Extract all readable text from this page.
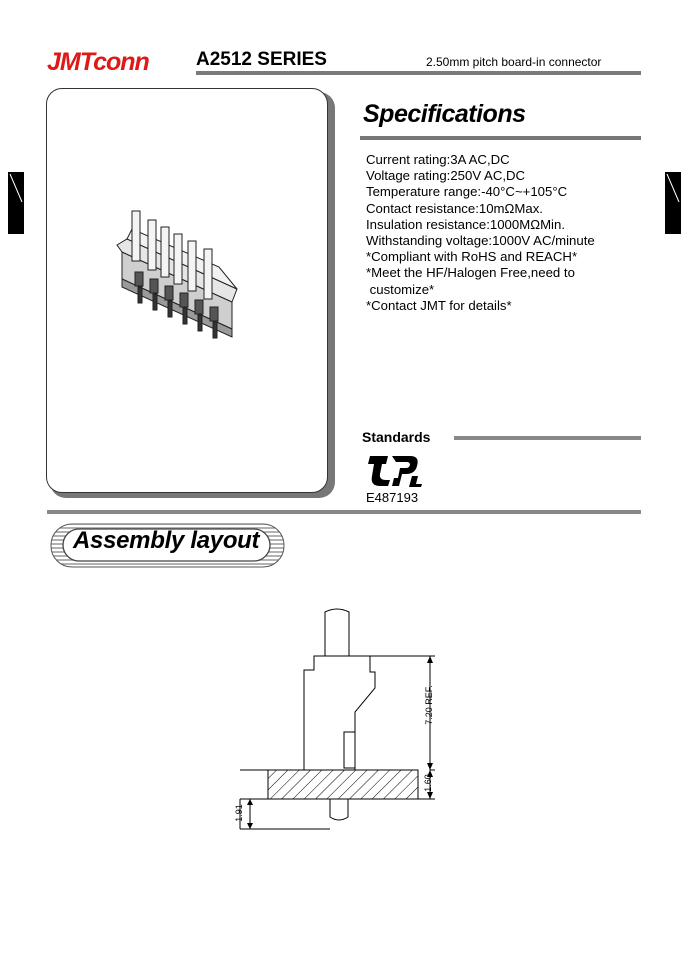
JMTconn A2512 SERIES	2.50mm pitch board-in connector
Specifications
Current rating:3A AC,DC
Voltage rating:250V AC,DC
Temperature range:-40°C~+105°C
Contact resistance:10mΩMax.
Insulation resistance:1000MΩMin.
Withstanding voltage:1000V AC/minute
*Compliant with RoHS and REACH*
*Meet the HF/Halogen Free,need to
customize*
*Contact JMT for details*
Standards
E487193
Assembly layout
7.20 REF.
1.60
1.91
